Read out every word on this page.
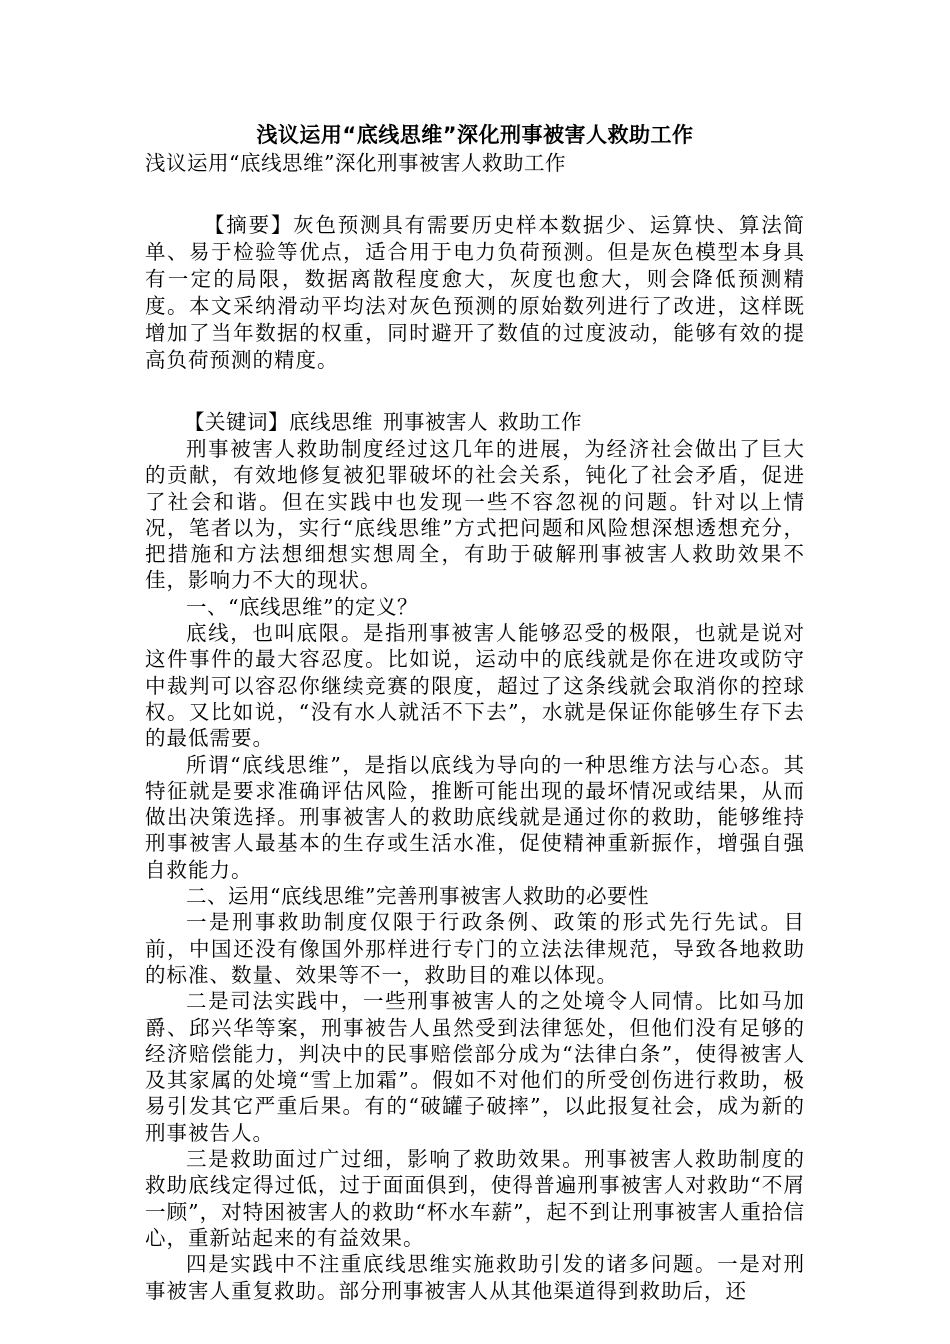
浅议运用“底线思维”深化刑事被害人救助工作

浅议运用“底线思维”深化刑事被害人救助工作

【摘要】灰色预测具有需要历史样本数据少、运算快、算法简单、易于检验等优点，适合用于电力负荷预测。但是灰色模型本身具有一定的局限，数据离散程度愈大，灰度也愈大，则会降低预测精度。本文采纳滑动平均法对灰色预测的原始数列进行了改进，这样既增加了当年数据的权重，同时避开了数值的过度波动，能够有效的提高负荷预测的精度。

【关键词】底线思维 刑事被害人 救助工作

刑事被害人救助制度经过这几年的进展，为经济社会做出了巨大的贡献，有效地修复被犯罪破坏的社会关系，钝化了社会矛盾，促进了社会和谐。但在实践中也发现一些不容忽视的问题。针对以上情况，笔者以为，实行“底线思维”方式把问题和风险想深想透想充分，把措施和方法想细想实想周全，有助于破解刑事被害人救助效果不佳，影响力不大的现状。

一、“底线思维”的定义？

底线，也叫底限。是指刑事被害人能够忍受的极限，也就是说对这件事件的最大容忍度。比如说，运动中的底线就是你在进攻或防守中裁判可以容忍你继续竞赛的限度，超过了这条线就会取消你的控球权。又比如说，“没有水人就活不下去”，水就是保证你能够生存下去的最低需要。

所谓“底线思维”，是指以底线为导向的一种思维方法与心态。其特征就是要求准确评估风险，推断可能出现的最坏情况或结果，从而做出决策选择。刑事被害人的救助底线就是通过你的救助，能够维持刑事被害人最基本的生存或生活水准，促使精神重新振作，增强自强自救能力。

二、运用“底线思维”完善刑事被害人救助的必要性

一是刑事救助制度仅限于行政条例、政策的形式先行先试。目前，中国还没有像国外那样进行专门的立法法律规范，导致各地救助的标准、数量、效果等不一，救助目的难以体现。

二是司法实践中，一些刑事被害人的之处境令人同情。比如马加爵、邱兴华等案，刑事被告人虽然受到法律惩处，但他们没有足够的经济赔偿能力，判决中的民事赔偿部分成为“法律白条”，使得被害人及其家属的处境“雪上加霜”。假如不对他们的所受创伤进行救助，极易引发其它严重后果。有的“破罐子破摔”，以此报复社会，成为新的刑事被告人。

三是救助面过广过细，影响了救助效果。刑事被害人救助制度的救助底线定得过低，过于面面俱到，使得普遍刑事被害人对救助“不屑一顾”，对特困被害人的救助“杯水车薪”，起不到让刑事被害人重拾信心，重新站起来的有益效果。

四是实践中不注重底线思维实施救助引发的诸多问题。一是对刑事被害人重复救助。部分刑事被害人从其他渠道得到救助后，还
